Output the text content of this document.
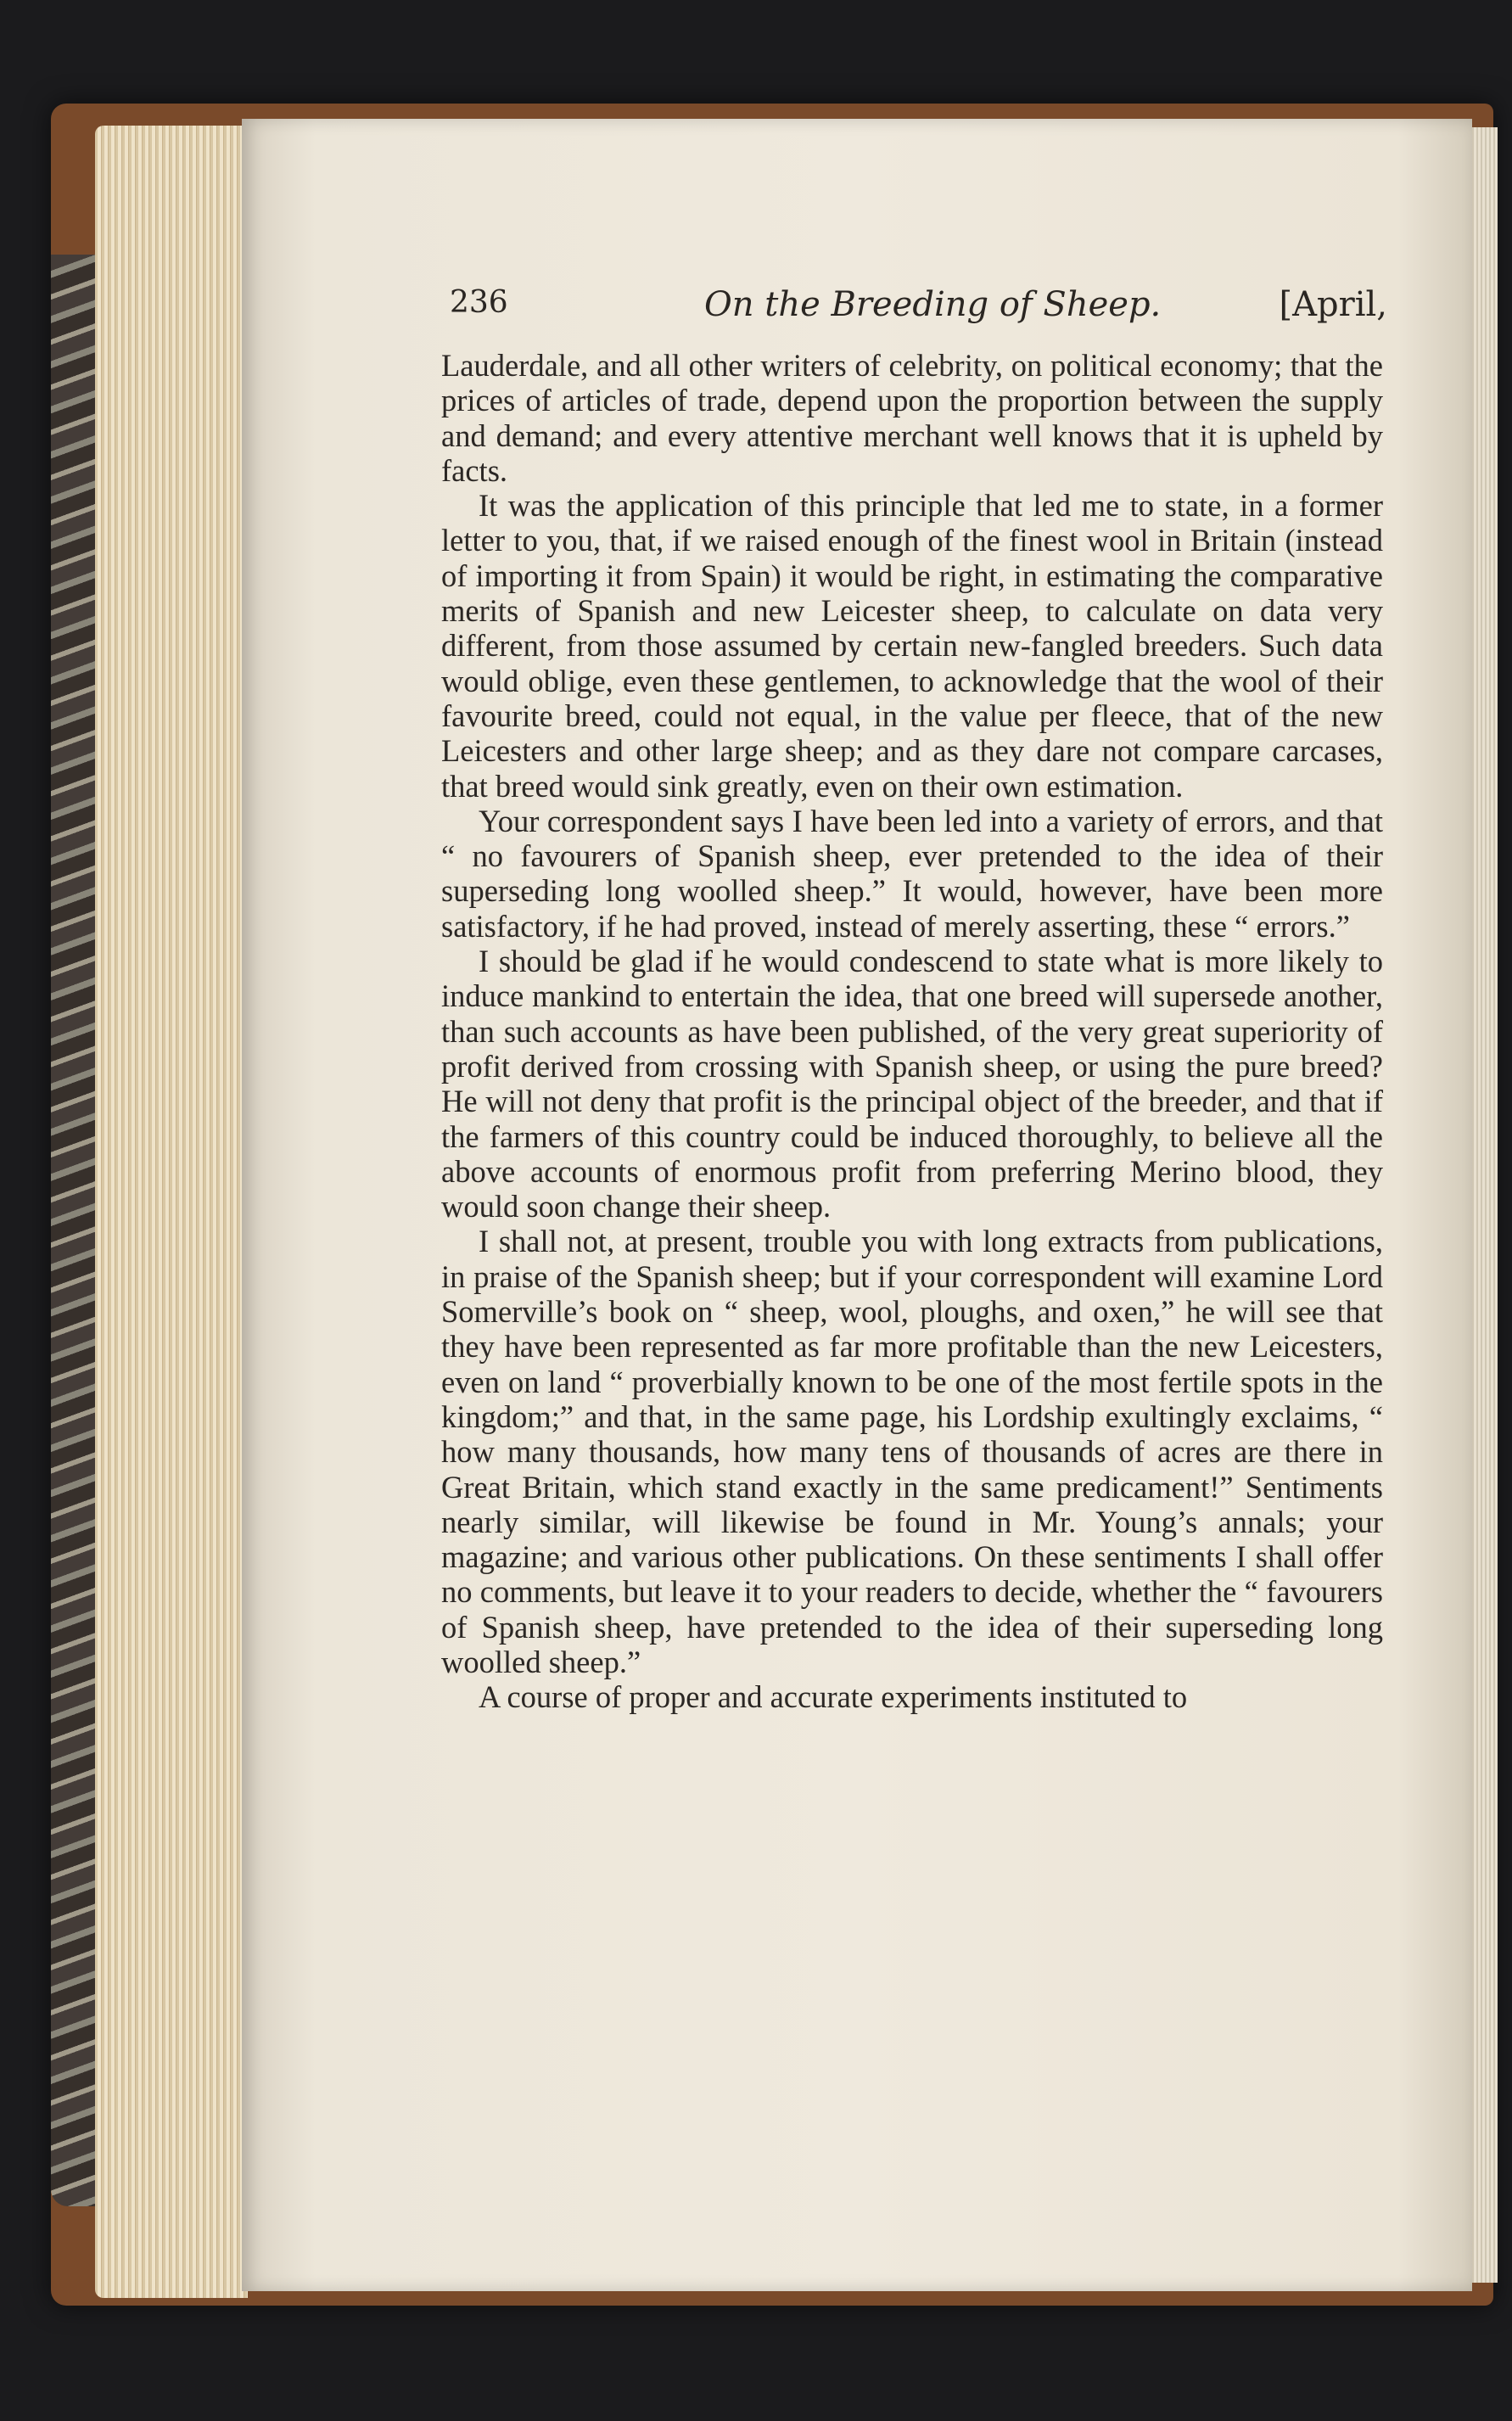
236	On the Breeding of Sheep.	[April,

Lauderdale, and all other writers of celebrity, on political economy; that the prices of articles of trade, depend upon the proportion between the supply and demand; and every attentive merchant well knows that it is upheld by facts.

It was the application of this principle that led me to state, in a former letter to you, that, if we raised enough of the finest wool in Britain (instead of importing it from Spain) it would be right, in estimating the comparative merits of Spanish and new Leicester sheep, to calculate on data very different, from those assumed by certain new-fangled breeders. Such data would oblige, even these gentlemen, to acknowledge that the wool of their favourite breed, could not equal, in the value per fleece, that of the new Leicesters and other large sheep; and as they dare not compare carcases, that breed would sink greatly, even on their own estimation.

Your correspondent says I have been led into a variety of errors, and that “ no favourers of Spanish sheep, ever pretended to the idea of their superseding long woolled sheep.” It would, however, have been more satisfactory, if he had proved, instead of merely asserting, these “ errors.”

I should be glad if he would condescend to state what is more likely to induce mankind to entertain the idea, that one breed will supersede another, than such accounts as have been published, of the very great superiority of profit derived from crossing with Spanish sheep, or using the pure breed? He will not deny that profit is the principal object of the breeder, and that if the farmers of this country could be induced thoroughly, to believe all the above accounts of enormous profit from preferring Merino blood, they would soon change their sheep.

I shall not, at present, trouble you with long extracts from publications, in praise of the Spanish sheep; but if your correspondent will examine Lord Somerville’s book on “ sheep, wool, ploughs, and oxen,” he will see that they have been represented as far more profitable than the new Leicesters, even on land “ proverbially known to be one of the most fertile spots in the kingdom;” and that, in the same page, his Lordship exultingly exclaims, “ how many thousands, how many tens of thousands of acres are there in Great Britain, which stand exactly in the same predicament!” Sentiments nearly similar, will likewise be found in Mr. Young’s annals; your magazine; and various other publications. On these sentiments I shall offer no comments, but leave it to your readers to decide, whether the “ favourers of Spanish sheep, have pretended to the idea of their superseding long woolled sheep.”

A course of proper and accurate experiments instituted to
